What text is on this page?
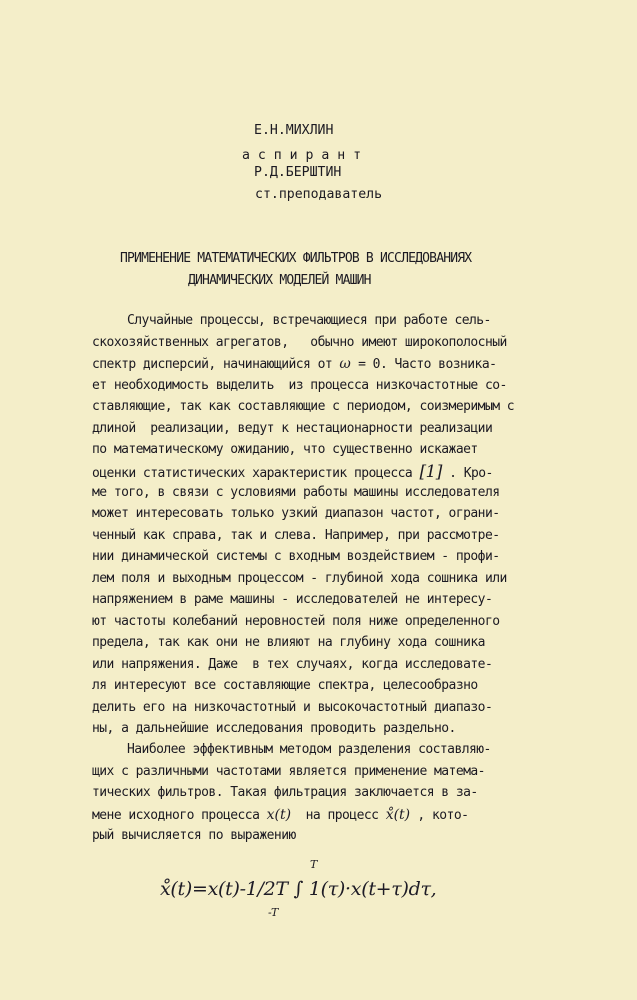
Е.Н.МИХЛИН
а с п и р а н т
Р.Д.БЕРШТИН
ст.преподаватель
ПРИМЕНЕНИЕ МАТЕМАТИЧЕСКИХ ФИЛЬТРОВ В ИССЛЕДОВАНИЯХ
ДИНАМИЧЕСКИХ МОДЕЛЕЙ МАШИН
Случайные процессы, встречающиеся при работе сель-
скохозяйственных агрегатов,   обычно имеют широкополосный
спектр дисперсий, начинающийся от ω = 0. Часто возника-
ет необходимость выделить  из процесса низкочастотные со-
ставляющие, так как составляющие с периодом, соизмеримым с
длиной  реализации, ведут к нестационарности реализации
по математическому ожиданию, что существенно искажает
оценки статистических характеристик процесса [1] . Кро-
ме того, в связи с условиями работы машины исследователя
может интересовать только узкий диапазон частот, ограни-
ченный как справа, так и слева. Например, при рассмотре-
нии динамической системы с входным воздействием - профи-
лем поля и выходным процессом - глубиной хода сошника или
напряжением в раме машины - исследователей не интересу-
ют частоты колебаний неровностей поля ниже определенного
предела, так как они не влияют на глубину хода сошника
или напряжения. Даже  в тех случаях, когда исследовате-
ля интересуют все составляющие спектра, целесообразно
делить его на низкочастотный и высокочастотный диапазо-
ны, а дальнейшие исследования проводить раздельно.
Наиболее эффективным методом разделения составляю-
щих с различными частотами является применение матема-
тических фильтров. Такая фильтрация заключается в за-
мене исходного процесса x(t)  на процесс x̊(t) , кото-
рый вычисляется по выражению
T
x̊(t)=x(t)-1/2T ∫ 1(τ)·x(t+τ)dτ,
-T
